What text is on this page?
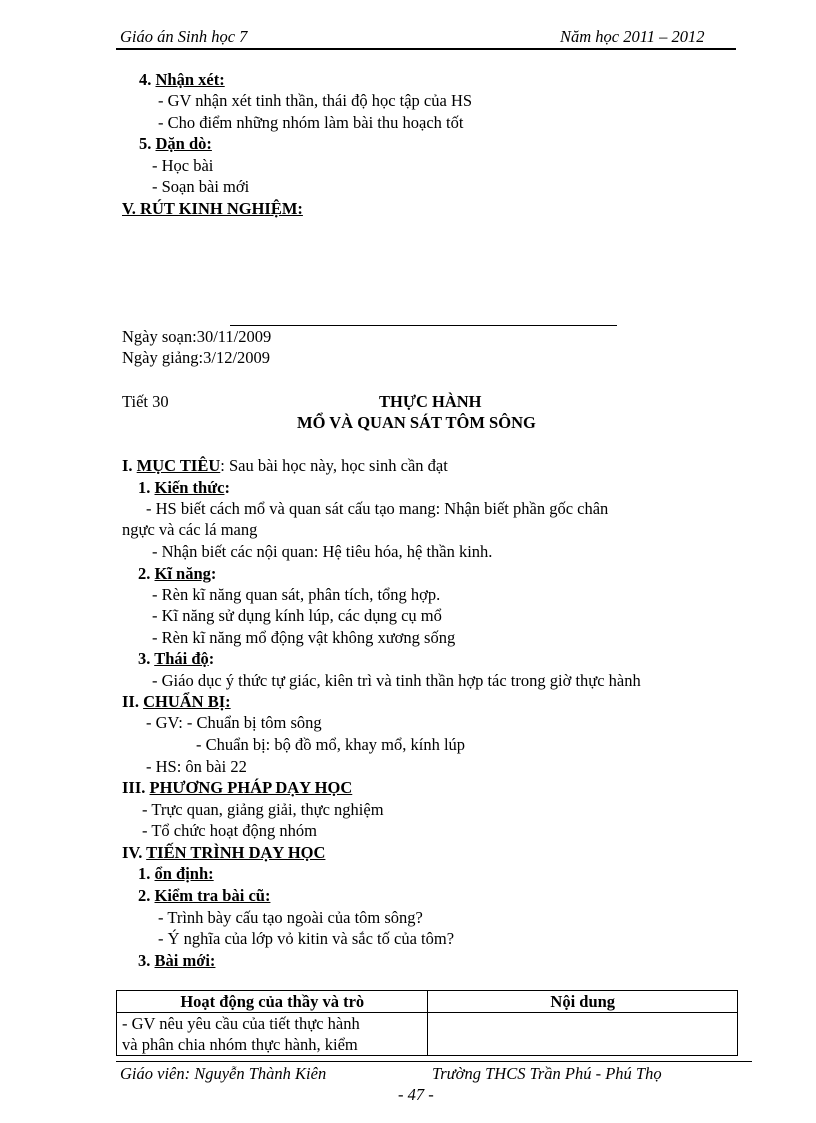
Giáo án Sinh học 7	Năm học 2011 – 2012
4. Nhận xét:
- GV nhận xét tinh thần, thái độ học tập của HS
- Cho điểm những nhóm làm bài thu hoạch tốt
5. Dặn dò:
- Học bài
- Soạn bài mới
V. RÚT KINH NGHIỆM:
Ngày soạn:30/11/2009
Ngày giảng:3/12/2009
Tiết 30	THỰC HÀNH
MỔ VÀ QUAN SÁT TÔM SÔNG
I. MỤC TIÊU: Sau bài học này, học sinh cần đạt
1. Kiến thức:
- HS biết cách mổ và quan sát cấu tạo mang: Nhận biết phần gốc chân
ngực và các lá mang
- Nhận biết các nội quan: Hệ tiêu hóa, hệ thần kinh.
2. Kĩ năng:
- Rèn kĩ năng quan sát, phân tích, tổng hợp.
- Kĩ năng sử dụng kính lúp, các dụng cụ mổ
- Rèn kĩ năng mổ động vật không xương sống
3. Thái độ:
- Giáo dục ý thức tự giác, kiên trì và tinh thần hợp tác trong giờ thực hành
II. CHUẨN BỊ:
- GV: - Chuẩn bị tôm sông
- Chuẩn bị: bộ đồ mổ, khay mổ, kính lúp
- HS: ôn bài 22
III. PHƯƠNG PHÁP DẠY HỌC
- Trực quan, giảng giải, thực nghiệm
- Tổ chức hoạt động nhóm
IV. TIẾN TRÌNH DẠY HỌC
1. ổn định:
2. Kiểm tra bài cũ:
- Trình bày cấu tạo ngoài của tôm sông?
- Ý nghĩa của lớp vỏ kitin và sắc tố của tôm?
3. Bài mới:
Hoạt động của thầy và trò	Nội dung

- GV nêu yêu cầu của tiết thực hành
và phân chia nhóm thực hành, kiểm	

Giáo viên: Nguyễn Thành Kiên	Trường THCS Trần Phú - Phú Thọ
- 47 -
